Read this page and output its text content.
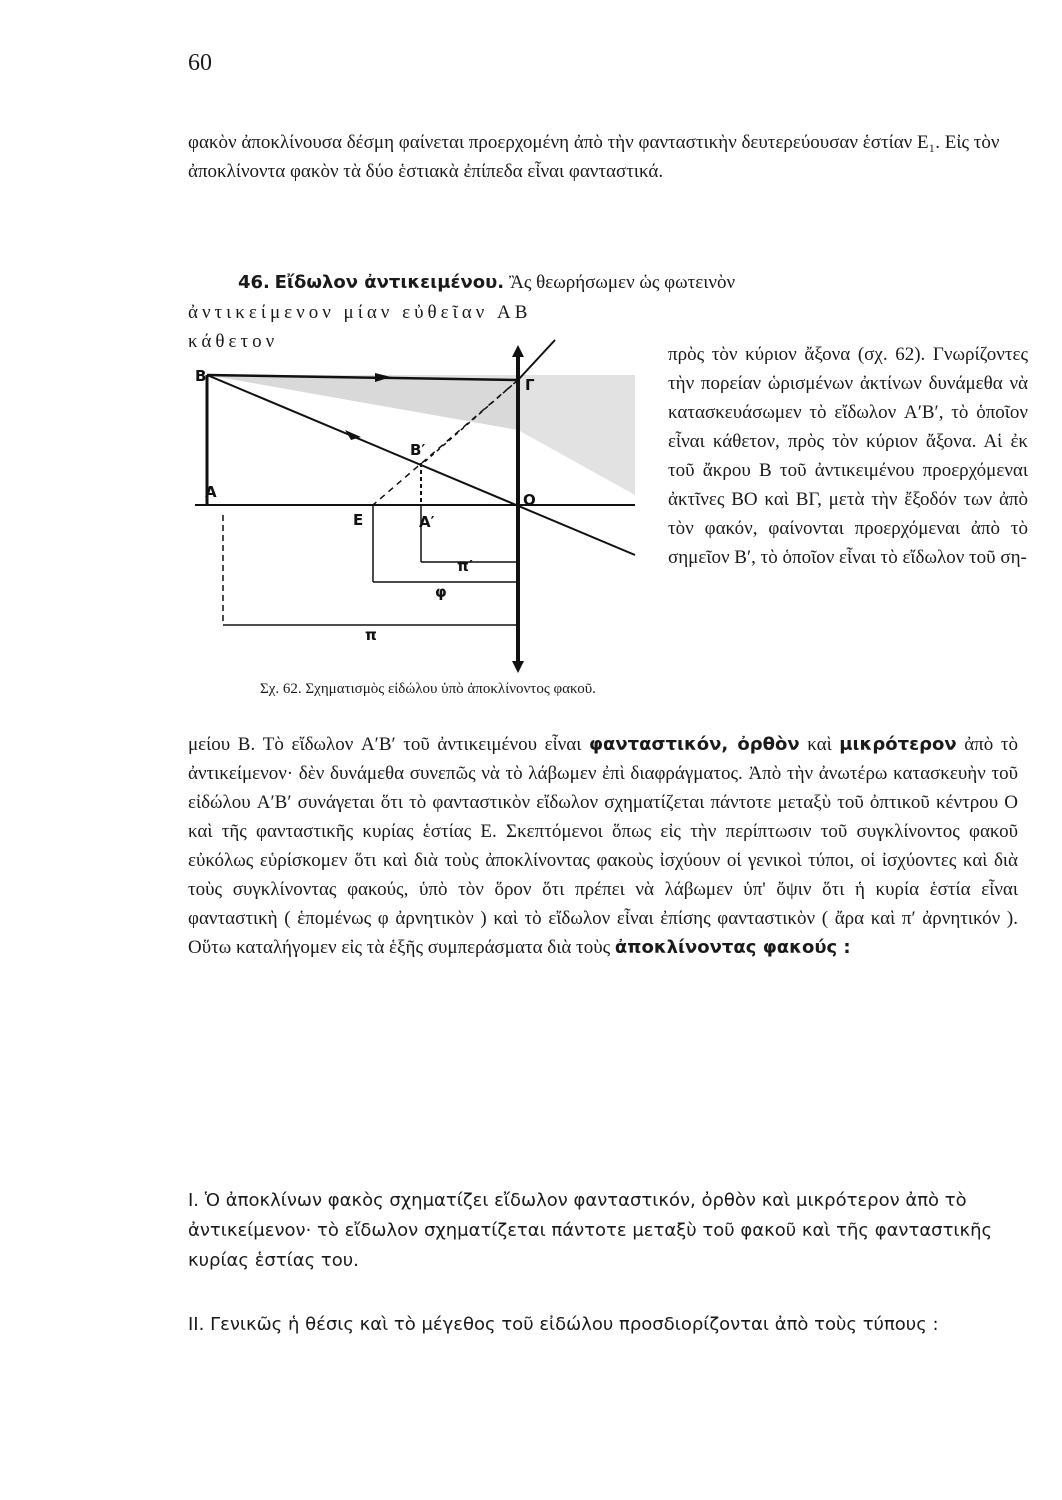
60
φακὸν ἀποκλίνουσα δέσμη φαίνεται προερχομένη ἀπὸ τὴν φανταστικὴν δευτερεύουσαν ἑστίαν E₁. Εἰς τὸν ἀποκλίνοντα φακὸν τὰ δύο ἑστιακὰ ἐπίπεδα εἶναι φανταστικά.
46. Εἴδωλον ἀντικειμένου. Ἂς θεωρήσωμεν ὡς φωτεινὸν
ἀντικείμενον μίαν εὐθεῖαν AB κάθετον
B
A
Γ
O
E
B′
A′
π′
φ
π
πρὸς τὸν κύριον ἄξονα (σχ. 62). Γνωρίζοντες τὴν πορείαν ὡρισμένων ἀκτίνων δυνάμεθα νὰ κατασκευάσωμεν τὸ εἴδωλον A′B′, τὸ ὁποῖον εἶναι κάθετον, πρὸς τὸν κύριον ἄξονα. Αἱ ἐκ τοῦ ἄκρου B τοῦ ἀντικειμένου προερχόμεναι ἀκτῖνες BO καὶ BΓ, μετὰ τὴν ἔξοδόν των ἀπὸ τὸν φακόν, φαίνονται προερχόμεναι ἀπὸ τὸ σημεῖον B′, τὸ ὁποῖον εἶναι τὸ εἴδωλον τοῦ ση-
Σχ. 62. Σχηματισμὸς εἰδώλου ὑπὸ ἀποκλίνοντος φακοῦ.
μείου B. Τὸ εἴδωλον A′B′ τοῦ ἀντικειμένου εἶναι φανταστικόν, ὀρθὸν καὶ μικρότερον ἀπὸ τὸ ἀντικείμενον· δὲν δυνάμεθα συνεπῶς νὰ τὸ λάβωμεν ἐπὶ διαφράγματος. Ἀπὸ τὴν ἀνωτέρω κατασκευὴν τοῦ εἰδώλου A′B′ συνάγεται ὅτι τὸ φανταστικὸν εἴδωλον σχηματίζεται πάντοτε μεταξὺ τοῦ ὀπτικοῦ κέντρου O καὶ τῆς φανταστικῆς κυρίας ἑστίας E. Σκεπτόμενοι ὅπως εἰς τὴν περίπτωσιν τοῦ συγκλίνοντος φακοῦ εὐκόλως εὑρίσκομεν ὅτι καὶ διὰ τοὺς ἀποκλίνοντας φακοὺς ἰσχύουν οἱ γενικοὶ τύποι, οἱ ἰσχύοντες καὶ διὰ τοὺς συγκλίνοντας φακούς, ὑπὸ τὸν ὅρον ὅτι πρέπει νὰ λάβωμεν ὑπ' ὄψιν ὅτι ἡ κυρία ἑστία εἶναι φανταστικὴ ( ἑπομένως φ ἀρνητικὸν ) καὶ τὸ εἴδωλον εἶναι ἐπίσης φανταστικὸν ( ἄρα καὶ π′ ἀρνητικόν ). Οὕτω καταλήγομεν εἰς τὰ ἑξῆς συμπεράσματα διὰ τοὺς ἀποκλίνοντας φακούς :
I. Ὁ ἀποκλίνων φακὸς σχηματίζει εἴδωλον φανταστικόν, ὀρθὸν καὶ μικρότερον ἀπὸ τὸ ἀντικείμενον· τὸ εἴδωλον σχηματίζεται πάντοτε μεταξὺ τοῦ φακοῦ καὶ τῆς φανταστικῆς κυρίας ἑστίας του.
II. Γενικῶς ἡ θέσις καὶ τὸ μέγεθος τοῦ εἰδώλου προσδιορίζονται ἀπὸ τοὺς τύπους :
